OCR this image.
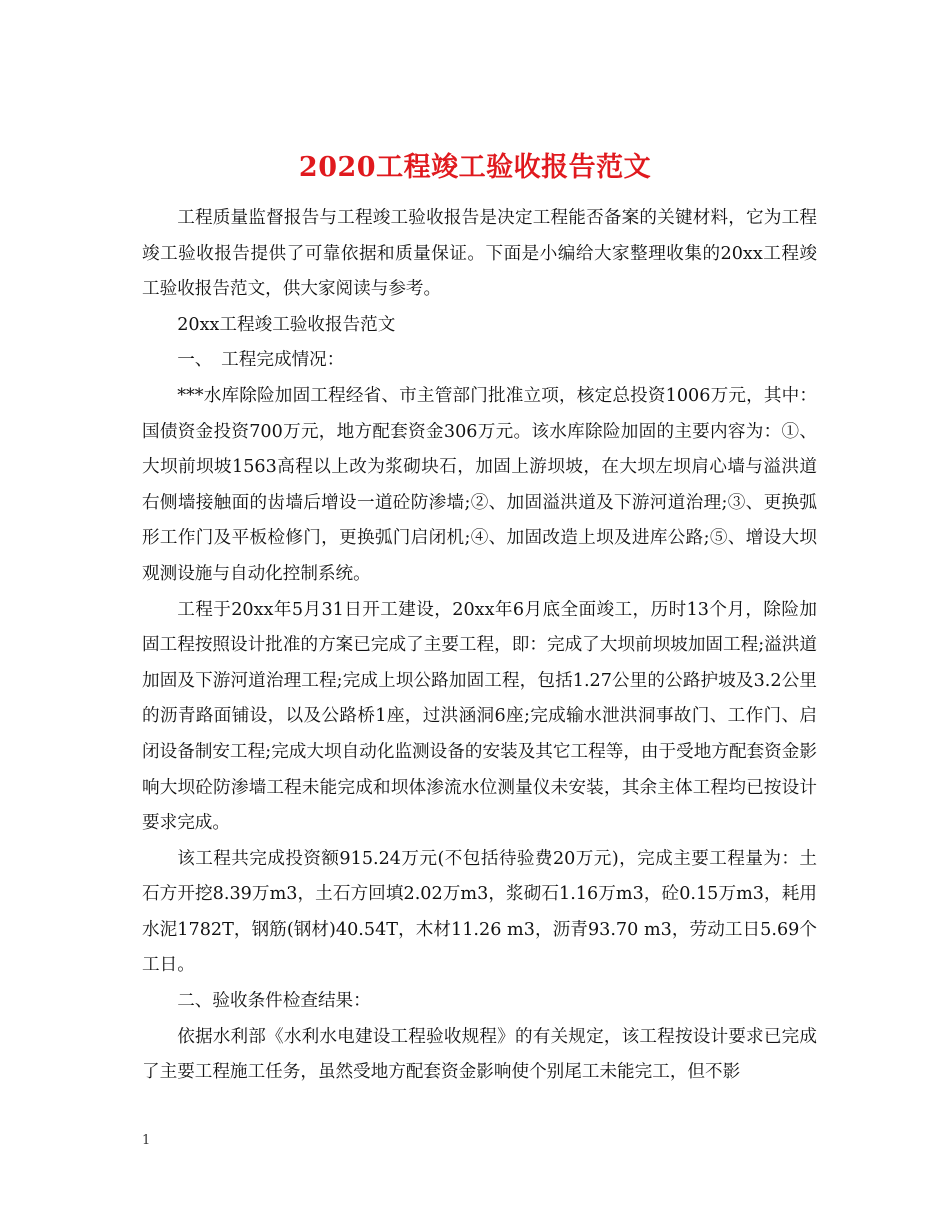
2020工程竣工验收报告范文

工程质量监督报告与工程竣工验收报告是决定工程能否备案的关键材料，它为工程竣工验收报告提供了可靠依据和质量保证。下面是小编给大家整理收集的20xx工程竣工验收报告范文，供大家阅读与参考。

20xx工程竣工验收报告范文

一、　工程完成情况：

***水库除险加固工程经省、市主管部门批准立项，核定总投资1006万元，其中：国债资金投资700万元，地方配套资金306万元。该水库除险加固的主要内容为：①、大坝前坝坡1563高程以上改为浆砌块石，加固上游坝坡，在大坝左坝肩心墙与溢洪道右侧墙接触面的齿墙后增设一道砼防渗墙;②、加固溢洪道及下游河道治理;③、更换弧形工作门及平板检修门，更换弧门启闭机;④、加固改造上坝及进库公路;⑤、增设大坝观测设施与自动化控制系统。

工程于20xx年5月31日开工建设，20xx年6月底全面竣工，历时13个月，除险加固工程按照设计批准的方案已完成了主要工程，即：完成了大坝前坝坡加固工程;溢洪道加固及下游河道治理工程;完成上坝公路加固工程，包括1.27公里的公路护坡及3.2公里的沥青路面铺设，以及公路桥1座，过洪涵洞6座;完成输水泄洪洞事故门、工作门、启闭设备制安工程;完成大坝自动化监测设备的安装及其它工程等，由于受地方配套资金影响大坝砼防渗墙工程未能完成和坝体渗流水位测量仪未安装，其余主体工程均已按设计要求完成。

该工程共完成投资额915.24万元(不包括待验费20万元)，完成主要工程量为：土石方开挖8.39万m3，土石方回填2.02万m3，浆砌石1.16万m3，砼0.15万m3，耗用水泥1782T，钢筋(钢材)40.54T，木材11.26 m3，沥青93.70 m3，劳动工日5.69个工日。

二、验收条件检查结果：

依据水利部《水利水电建设工程验收规程》的有关规定，该工程按设计要求已完成了主要工程施工任务，虽然受地方配套资金影响使个别尾工未能完工，但不影

1
